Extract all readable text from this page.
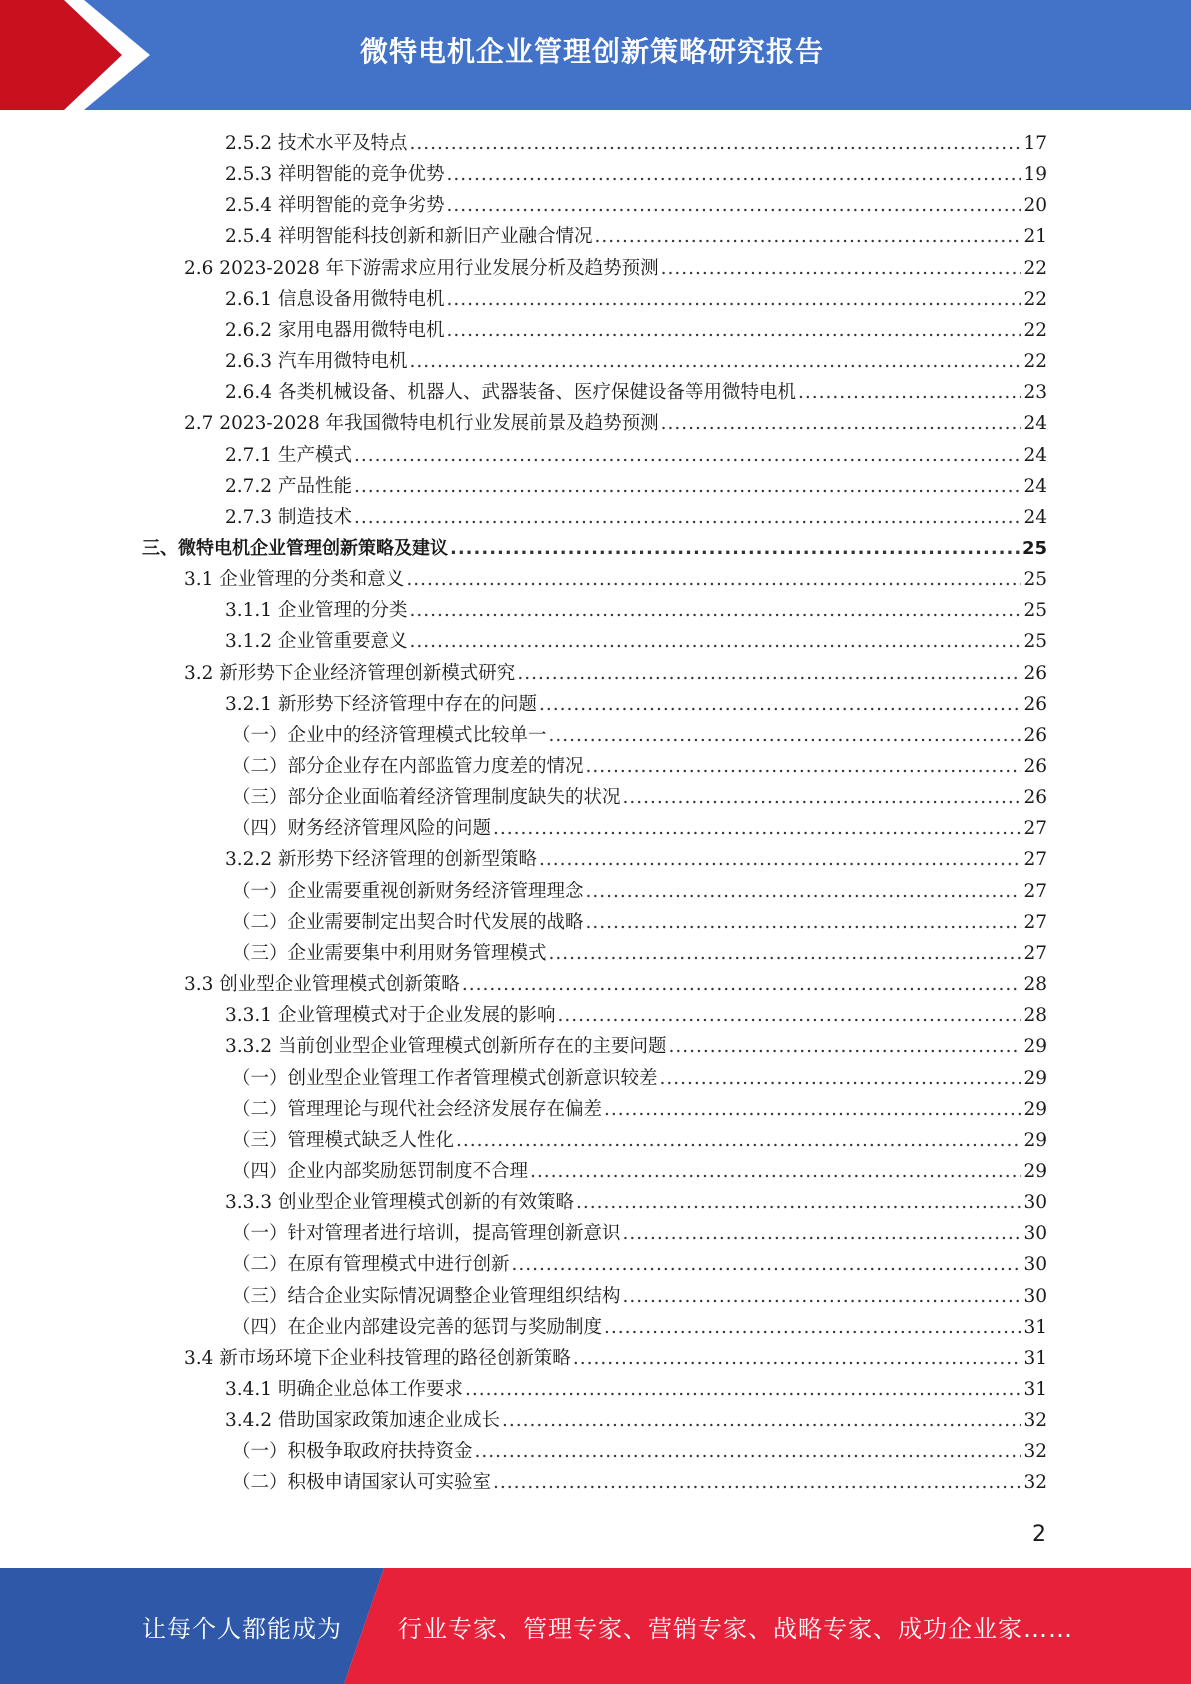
微特电机企业管理创新策略研究报告
2.5.2 技术水平及特点 .....	17
2.5.3 祥明智能的竞争优势 .....	19
2.5.4 祥明智能的竞争劣势 .....	20
2.5.4 祥明智能科技创新和新旧产业融合情况 .....	21
2.6 2023-2028 年下游需求应用行业发展分析及趋势预测 .....	22
2.6.1 信息设备用微特电机 .....	22
2.6.2 家用电器用微特电机 .....	22
2.6.3 汽车用微特电机 .....	22
2.6.4 各类机械设备、机器人、武器装备、医疗保健设备等用微特电机 .....	23
2.7 2023-2028 年我国微特电机行业发展前景及趋势预测 .....	24
2.7.1 生产模式 .....	24
2.7.2 产品性能 .....	24
2.7.3 制造技术 .....	24
三、微特电机企业管理创新策略及建议 .....	25
3.1 企业管理的分类和意义 .....	25
3.1.1 企业管理的分类 .....	25
3.1.2 企业管重要意义 .....	25
3.2 新形势下企业经济管理创新模式研究 .....	26
3.2.1 新形势下经济管理中存在的问题 .....	26
（一）企业中的经济管理模式比较单一 .....	26
（二）部分企业存在内部监管力度差的情况 .....	26
（三）部分企业面临着经济管理制度缺失的状况 .....	26
（四）财务经济管理风险的问题 .....	27
3.2.2 新形势下经济管理的创新型策略 .....	27
（一）企业需要重视创新财务经济管理理念 .....	27
（二）企业需要制定出契合时代发展的战略 .....	27
（三）企业需要集中利用财务管理模式 .....	27
3.3 创业型企业管理模式创新策略 .....	28
3.3.1 企业管理模式对于企业发展的影响 .....	28
3.3.2 当前创业型企业管理模式创新所存在的主要问题 .....	29
（一）创业型企业管理工作者管理模式创新意识较差 .....	29
（二）管理理论与现代社会经济发展存在偏差 .....	29
（三）管理模式缺乏人性化 .....	29
（四）企业内部奖励惩罚制度不合理 .....	29
3.3.3 创业型企业管理模式创新的有效策略 .....	30
（一）针对管理者进行培训，提高管理创新意识 .....	30
（二）在原有管理模式中进行创新 .....	30
（三）结合企业实际情况调整企业管理组织结构 .....	30
（四）在企业内部建设完善的惩罚与奖励制度 .....	31
3.4 新市场环境下企业科技管理的路径创新策略 .....	31
3.4.1 明确企业总体工作要求 .....	31
3.4.2 借助国家政策加速企业成长 .....	32
（一）积极争取政府扶持资金 .....	32
（二）积极申请国家认可实验室 .....	32
2
让每个人都能成为 行业专家、管理专家、营销专家、战略专家、成功企业家……
